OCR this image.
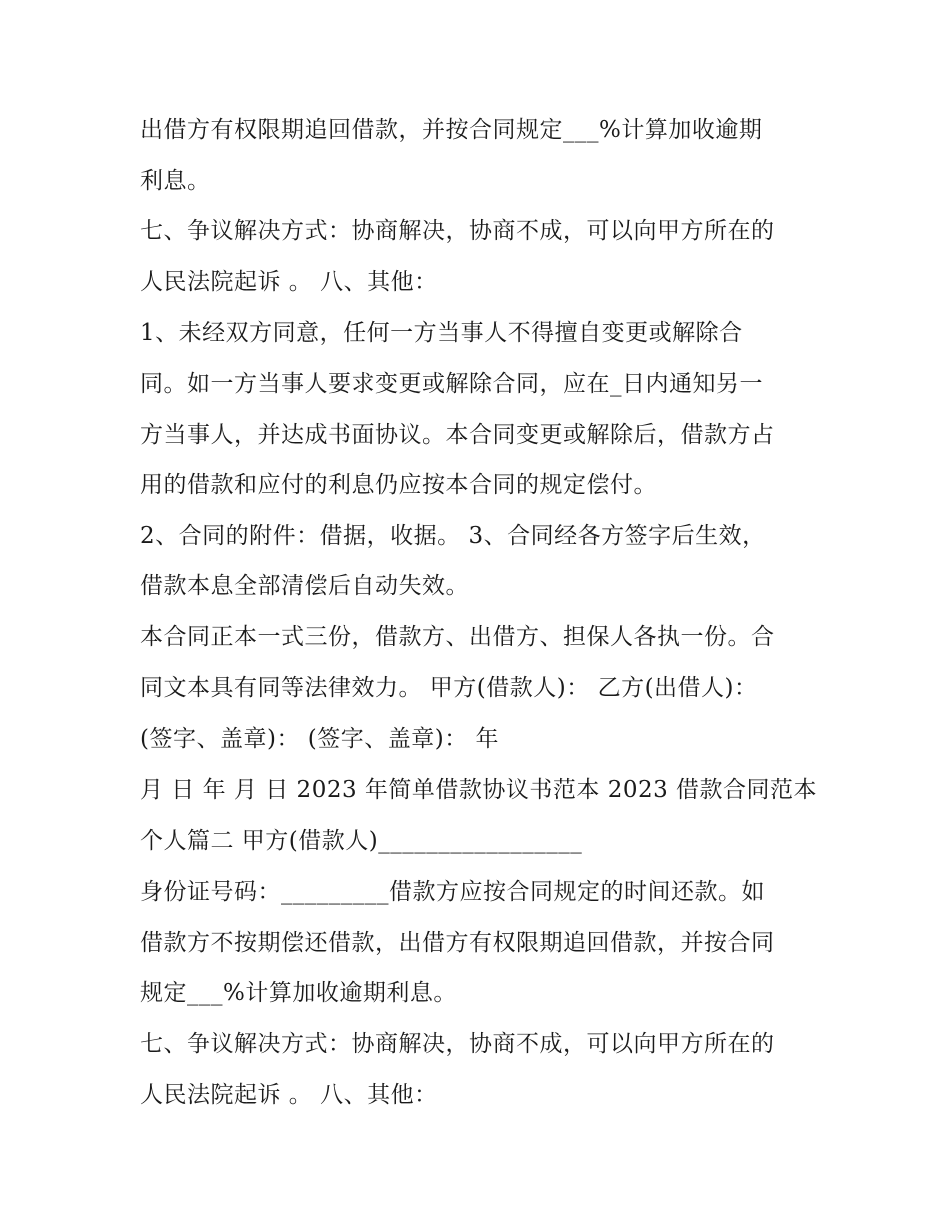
出借方有权限期追回借款，并按合同规定___%计算加收逾期
利息。
七、争议解决方式：协商解决，协商不成，可以向甲方所在的
人民法院起诉 。 八、其他：
1、未经双方同意，任何一方当事人不得擅自变更或解除合
同。如一方当事人要求变更或解除合同，应在_日内通知另一
方当事人，并达成书面协议。本合同变更或解除后，借款方占
用的借款和应付的利息仍应按本合同的规定偿付。
2、合同的附件：借据，收据。 3、合同经各方签字后生效，
借款本息全部清偿后自动失效。
本合同正本一式三份，借款方、出借方、担保人各执一份。合
同文本具有同等法律效力。 甲方(借款人)： 乙方(出借人)：
(签字、盖章)： (签字、盖章)： 年
月 日 年 月 日 2023 年简单借款协议书范本 2023 借款合同范本
个人篇二 甲方(借款人)_________________
身份证号码：_________借款方应按合同规定的时间还款。如
借款方不按期偿还借款，出借方有权限期追回借款，并按合同
规定___%计算加收逾期利息。
七、争议解决方式：协商解决，协商不成，可以向甲方所在的
人民法院起诉 。 八、其他：
